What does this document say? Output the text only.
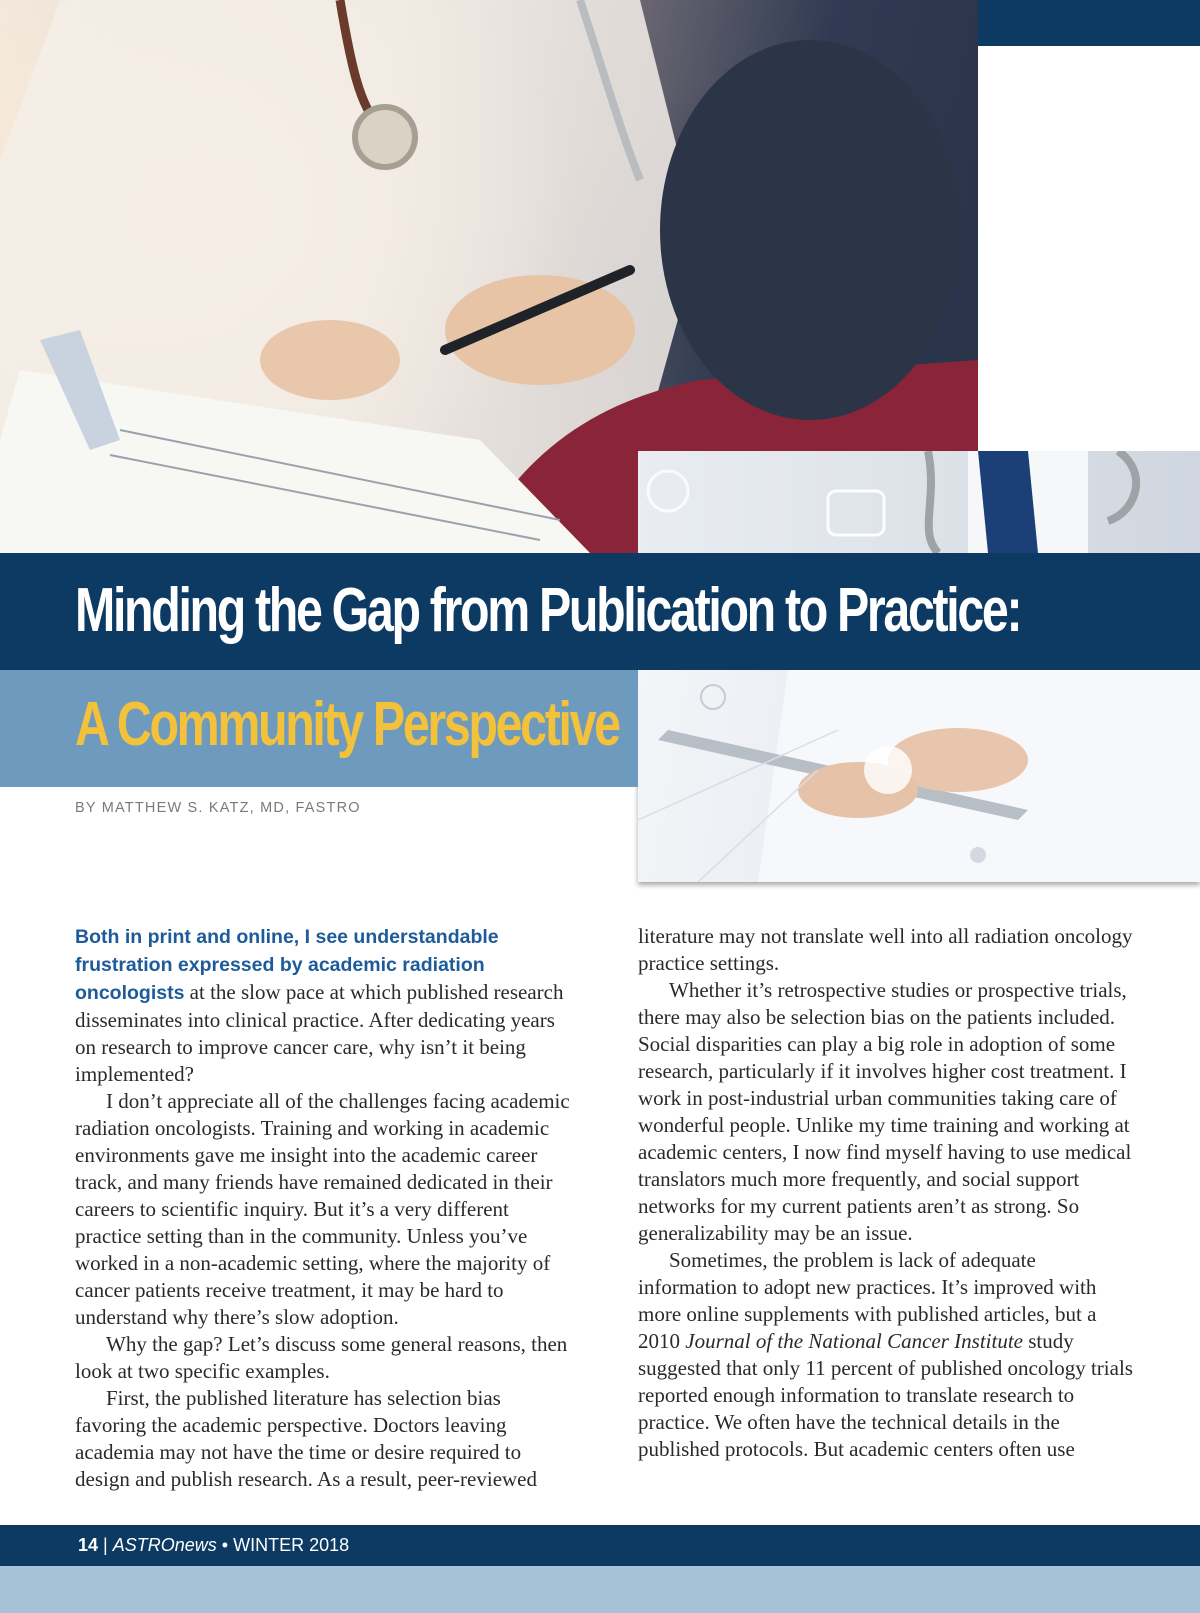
Minding the Gap from Publication to Practice:
A Community Perspective
BY MATTHEW S. KATZ, MD, FASTRO

Both in print and online, I see understandable frustration expressed by academic radiation oncologists at the slow pace at which published research disseminates into clinical practice. After dedicating years on research to improve cancer care, why isn’t it being implemented?

I don’t appreciate all of the challenges facing academic radiation oncologists. Training and working in academic environments gave me insight into the academic career track, and many friends have remained dedicated in their careers to scientific inquiry. But it’s a very different practice setting than in the community. Unless you’ve worked in a non-academic setting, where the majority of cancer patients receive treatment, it may be hard to understand why there’s slow adoption.

Why the gap? Let’s discuss some general reasons, then look at two specific examples.

First, the published literature has selection bias favoring the academic perspective. Doctors leaving academia may not have the time or desire required to design and publish research. As a result, peer-reviewed

literature may not translate well into all radiation oncology practice settings.

Whether it’s retrospective studies or prospective trials, there may also be selection bias on the patients included. Social disparities can play a big role in adoption of some research, particularly if it involves higher cost treatment. I work in post-industrial urban communities taking care of wonderful people. Unlike my time training and working at academic centers, I now find myself having to use medical translators much more frequently, and social support networks for my current patients aren’t as strong. So generalizability may be an issue.

Sometimes, the problem is lack of adequate information to adopt new practices. It’s improved with more online supplements with published articles, but a 2010 Journal of the National Cancer Institute study suggested that only 11 percent of published oncology trials reported enough information to translate research to practice. We often have the technical details in the published protocols. But academic centers often use

14 | ASTROnews • WINTER 2018
